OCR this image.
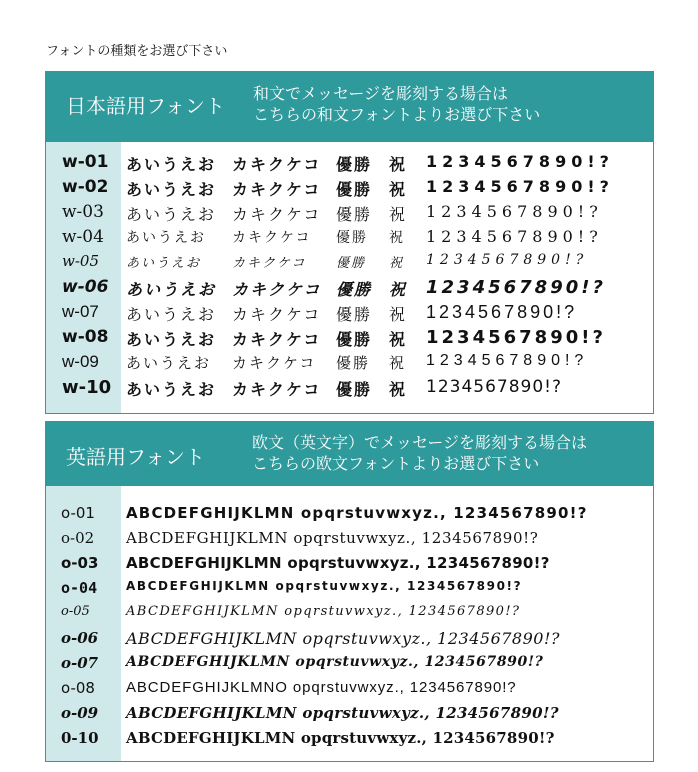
フォントの種類をお選び下さい
日本語用フォント
和文でメッセージを彫刻する場合は
こちらの和文フォントよりお選び下さい
w-01 あいうえお カキクケコ 優勝 祝 1234567890!?
w-02 あいうえお カキクケコ 優勝 祝 1234567890!?
w-03 あいうえお カキクケコ 優勝 祝 1234567890!?
w-04 あいうえお カキクケコ 優勝 祝 1234567890!?
w-05 あいうえお カキクケコ 優勝 祝 1234567890!?
w-06 あいうえお カキクケコ 優勝 祝 1234567890!?
w-07 あいうえお カキクケコ 優勝 祝 1234567890!?
w-08 あいうえお カキクケコ 優勝 祝 1234567890!?
w-09 あいうえお カキクケコ 優勝 祝 1234567890!?
w-10 あいうえお カキクケコ 優勝 祝 1234567890!?
英語用フォント
欧文（英文字）でメッセージを彫刻する場合は
こちらの欧文フォントよりお選び下さい
o-01 ABCDEFGHIJKLMN opqrstuvwxyz., 1234567890!?
o-02 ABCDEFGHIJKLMN opqrstuvwxyz., 1234567890!?
o-03 ABCDEFGHIJKLMN opqrstuvwxyz., 1234567890!?
o-04 ABCDEFGHIJKLMN opqrstuvwxyz., 1234567890!?
o-05	ABCDEFGHIJKLMN opqrstuvwxyz., 1234567890!?
o-06 ABCDEFGHIJKLMN opqrstuvwxyz., 1234567890!?
o-07 ABCDEFGHIJKLMN opqrstuvwxyz., 1234567890!?
o-08 ABCDEFGHIJKLMNO opqrstuvwxyz., 1234567890!?
o-09 ABCDEFGHIJKLMN opqrstuvwxyz., 1234567890!?
0-10 ABCDEFGHIJKLMN opqrstuvwxyz., 1234567890!?
